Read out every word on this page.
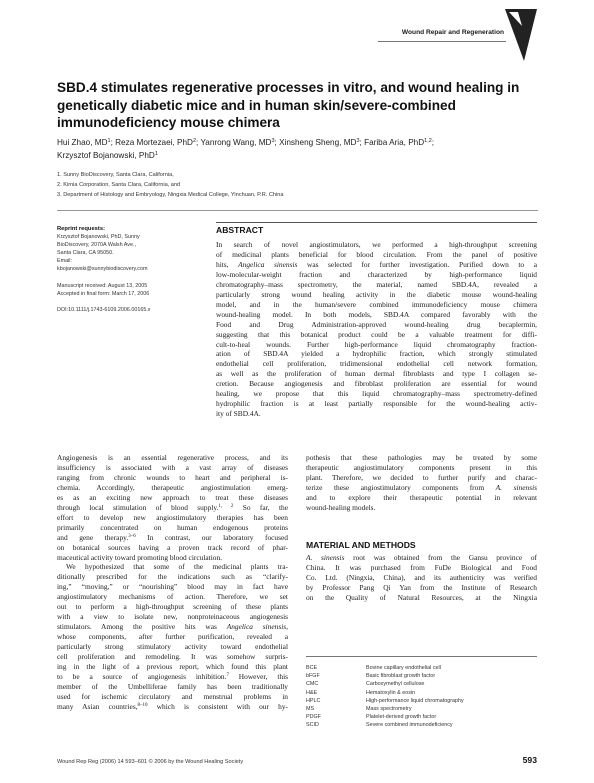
Wound Repair and Regeneration
SBD.4 stimulates regenerative processes in vitro, and wound healing in genetically diabetic mice and in human skin/severe-combined immunodeficiency mouse chimera
Hui Zhao, $MD^1$; Reza Mortezaei, PhD$^2$; Yanrong Wang, $MD^3$; Xinsheng Sheng, $MD^3$; Fariba Aria, PhD$^{1,2}$;
Krzysztof Bojanowski, PhD$^1$
1. Sunny BioDiscovery, Santa Clara, California,
2. Kirnia Corporation, Santa Clara, California, and
3. Department of Histology and Embryology, Ningxia Medical College, Yinchuan, P.R. China
Reprint requests:
Krzysztof Bojanowski, PhD, Sunny
BioDiscovery, 2070A Walsh Ave.,
Santa Clara, CA 95050.
Email:
kbojanowski@sunnybiodiscovery.com
Manuscript received: August 13, 2005
Accepted in final form: March 17, 2006
DOI:10.1111/j.1743-6109.2006.00165.x
ABSTRACT
In search of novel angiostimulators, we performed a high-throughput screening
of medicinal plants beneficial for blood circulation. From the panel of positive
hits, Angelica sinensis was selected for further investigation. Purified down to a
low-molecular-weight fraction and characterized by high-performance liquid
chromatography–mass spectrometry, the material, named SBD.4A, revealed a
particularly strong wound healing activity in the diabetic mouse wound-healing
model, and in the human/severe combined immunodeficiency mouse chimera
wound-healing model. In both models, SBD.4A compared favorably with the
Food and Drug Administration-approved wound-healing drug becaplermin,
suggesting that this botanical product could be a valuable treatment for diffi-
cult-to-heal wounds. Further high-performance liquid chromatography fraction-
ation of SBD.4A yielded a hydrophilic fraction, which strongly stimulated
endothelial cell proliferation, tridimensional endothelial cell network formation,
as well as the proliferation of human dermal fibroblasts and type I collagen se-
cretion. Because angiogenesis and fibroblast proliferation are essential for wound
healing, we propose that this liquid chromatography–mass spectrometry-defined
hydrophilic fraction is at least partially responsible for the wound-healing activ-
ity of SBD.4A.
Angiogenesis is an essential regenerative process, and its
insufficiency is associated with a vast array of diseases
ranging from chronic wounds to heart and peripheral is-
chemia. Accordingly, therapeutic angiostimulation emerg-
es as an exciting new approach to treat these diseases
through local stimulation of blood supply.$^{1, 2}$ So far, the
effort to develop new angiostimulatory therapies has been
primarily concentrated on human endogenous proteins
and gene therapy.$^{3-6}$ In contrast, our laboratory focused
on botanical sources having a proven track record of phar-
maceutical activity toward promoting blood circulation.
We hypothesized that some of the medicinal plants tra-
ditionally prescribed for the indications such as “clarify-
ing,” “moving,” or “nourishing” blood may in fact have
angiostimulatory mechanisms of action. Therefore, we set
out to perform a high-throughput screening of these plants
with a view to isolate new, nonproteinaceous angiogenesis
stimulators. Among the positive hits was Angelica sinensis,
whose components, after further purification, revealed a
particularly strong stimulatory activity toward endothelial
cell proliferation and remodeling. It was somehow surpris-
ing in the light of a previous report, which found this plant
to be a source of angiogenesis inhibition.$^7$ However, this
member of the Umbelliferae family has been traditionally
used for ischemic circulatory and menstrual problems in
many Asian countries,$^{8-10}$ which is consistent with our hy-
pothesis that these pathologies may be treated by some
therapeutic angiostimulatory components present in this
plant. Therefore, we decided to further purify and charac-
terize these angiostimulatory components from A. sinensis
and to explore their therapeutic potential in relevant
wound-healing models.
MATERIAL AND METHODS
A. sinensis root was obtained from the Gansu province of
China. It was purchased from FuDe Biological and Food
Co. Ltd. (Ningxia, China), and its authenticity was verified
by Professor Pang Qi Yan from the Institute of Research
on the Quality of Natural Resources, at the Ningxia
BCE	Bovine capillary endothelial cell
bFGF	Basic fibroblast growth factor
CMC	Carboxymethyl cellulose
H&E	Hematoxylin & eosin
HPLC	High-performance liquid chromatography
MS	Mass spectrometry
PDGF	Platelet-derived growth factor
SCID	Severe combined immunodeficiency
Wound Rep Reg (2006) 14 593–601 © 2006 by the Wound Healing Society	593
